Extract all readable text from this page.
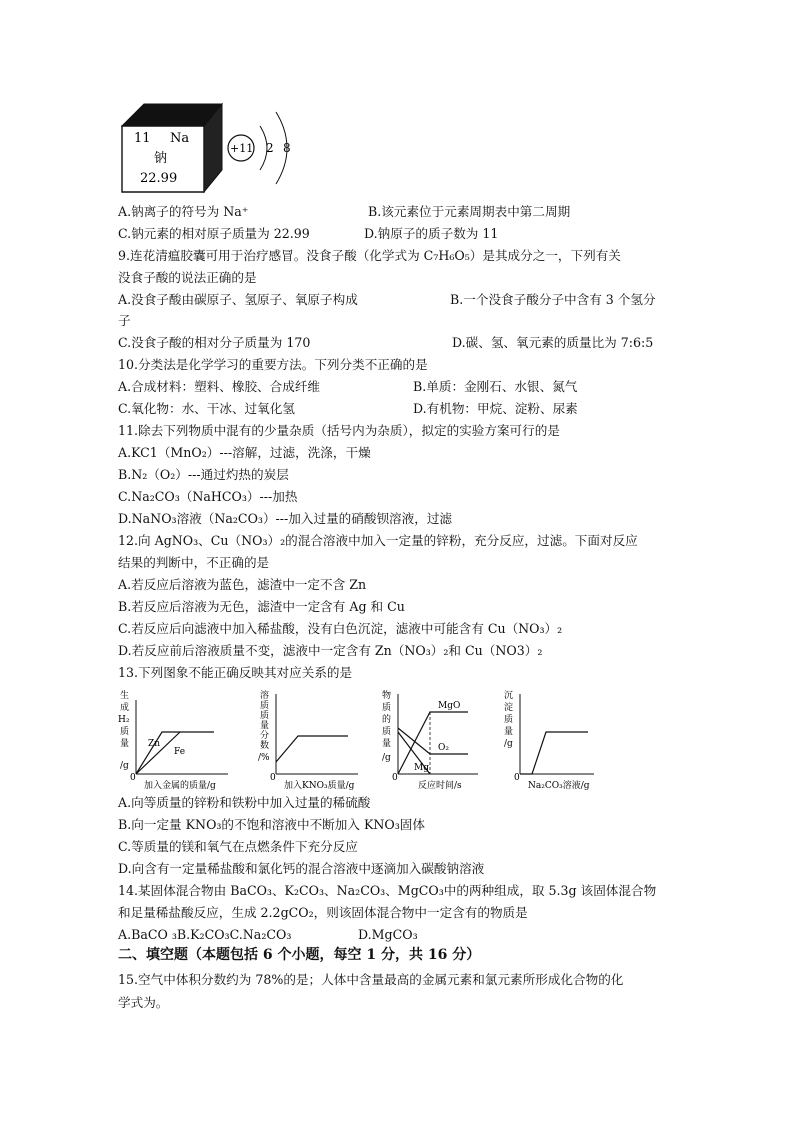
11 Na
钠
22.99
+11 2 8
A.钠离子的符号为 Na⁺	B.该元素位于元素周期表中第二周期
C.钠元素的相对原子质量为 22.99	D.钠原子的质子数为 11
9.连花清瘟胶囊可用于治疗感冒。没食子酸（化学式为 C₇H₆O₅）是其成分之一，下列有关
没食子酸的说法正确的是
A.没食子酸由碳原子、氢原子、氧原子构成	B.一个没食子酸分子中含有 3 个氢分
子
C.没食子酸的相对分子质量为 170	D.碳、氢、氧元素的质量比为 7:6:5
10.分类法是化学学习的重要方法。下列分类不正确的是
A.合成材料：塑料、橡胶、合成纤维	B.单质：金刚石、水银、氮气
C.氧化物：水、干冰、过氧化氢	D.有机物：甲烷、淀粉、尿素
11.除去下列物质中混有的少量杂质（括号内为杂质），拟定的实验方案可行的是
A.KC1（MnO₂）---溶解，过滤，洗涤，干燥
B.N₂（O₂）---通过灼热的炭层
C.Na₂CO₃（NaHCO₃）---加热
D.NaNO₃溶液（Na₂CO₃）---加入过量的硝酸钡溶液，过滤
12.向 AgNO₃、Cu（NO₃）₂的混合溶液中加入一定量的锌粉，充分反应，过滤。下面对反应
结果的判断中，不正确的是
A.若反应后溶液为蓝色，滤渣中一定不含 Zn
B.若反应后溶液为无色，滤渣中一定含有 Ag 和 Cu
C.若反应后向滤液中加入稀盐酸，没有白色沉淀，滤液中可能含有 Cu（NO₃）₂
D.若反应前后溶液质量不变，滤液中一定含有 Zn（NO₃）₂和 Cu（NO3）₂
13.下列图象不能正确反映其对应关系的是
生
成
H₂
质
量
/g
0
Zn
Fe
加入金属的质量/g
溶
质
质
量
分
数
/%
0
加入KNO₃质量/g
物
质
的
质
量
/g
0
MgO
O₂
Mg
反应时间/s
沉
淀
质
量
/g
0
Na₂CO₃溶液/g
A.向等质量的锌粉和铁粉中加入过量的稀硫酸
B.向一定量 KNO₃的不饱和溶液中不断加入 KNO₃固体
C.等质量的镁和氧气在点燃条件下充分反应
D.向含有一定量稀盐酸和氯化钙的混合溶液中逐滴加入碳酸钠溶液
14.某固体混合物由 BaCO₃、K₂CO₃、Na₂CO₃、MgCO₃中的两种组成，取 5.3g 该固体混合物
和足量稀盐酸反应，生成 2.2gCO₂，则该固体混合物中一定含有的物质是
A.BaCO ₃B.K₂CO₃C.Na₂CO₃	D.MgCO₃
二、填空题（本题包括 6 个小题，每空 1 分，共 16 分）
15.空气中体积分数约为 78%的是；人体中含量最高的金属元素和氯元素所形成化合物的化
学式为。
